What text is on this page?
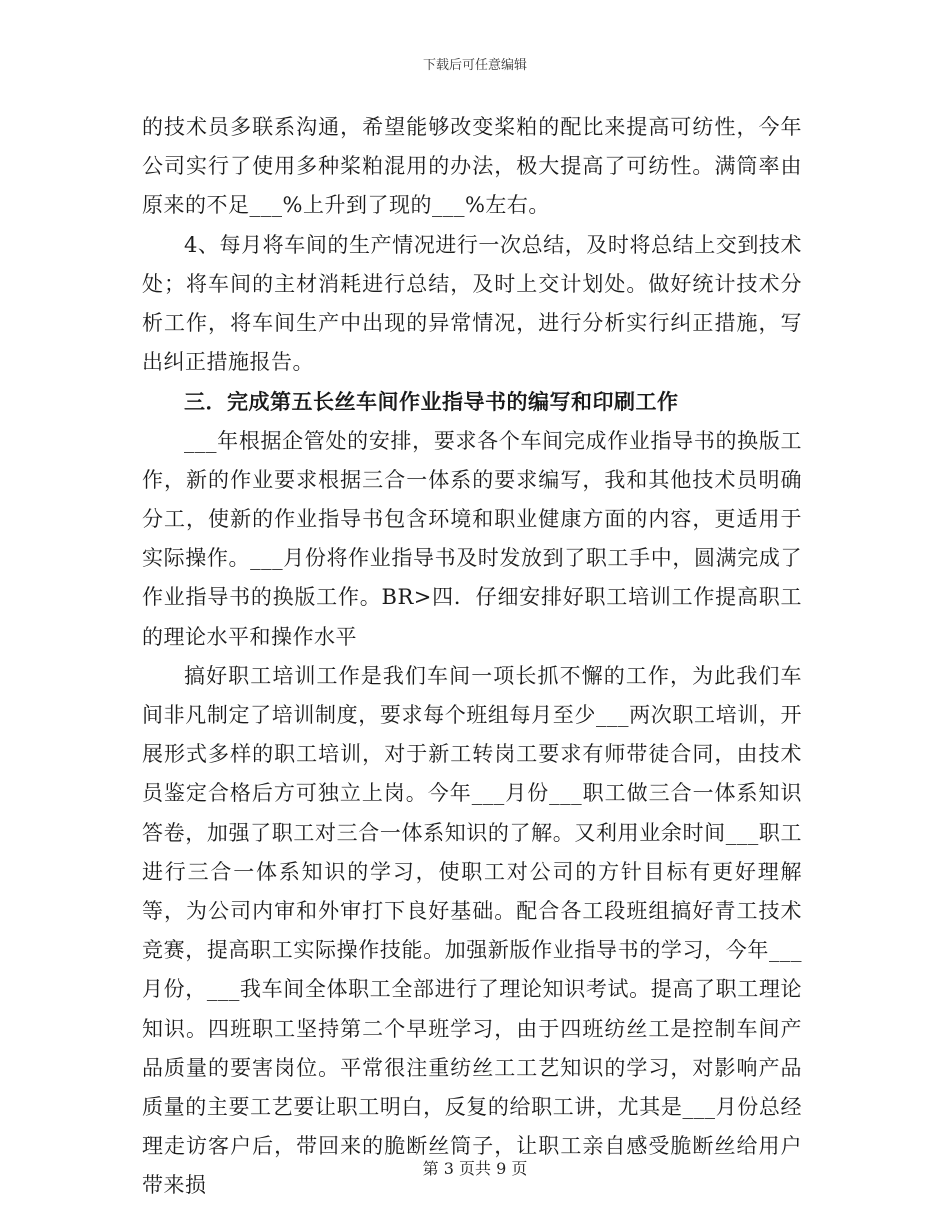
下载后可任意编辑

的技术员多联系沟通，希望能够改变桨粕的配比来提高可纺性，今年公司实行了使用多种桨粕混用的办法，极大提高了可纺性。满筒率由原来的不足___%上升到了现的___%左右。

4、每月将车间的生产情况进行一次总结，及时将总结上交到技术处；将车间的主材消耗进行总结，及时上交计划处。做好统计技术分析工作，将车间生产中出现的异常情况，进行分析实行纠正措施，写出纠正措施报告。

三．完成第五长丝车间作业指导书的编写和印刷工作

___年根据企管处的安排，要求各个车间完成作业指导书的换版工作，新的作业要求根据三合一体系的要求编写，我和其他技术员明确分工，使新的作业指导书包含环境和职业健康方面的内容，更适用于实际操作。___月份将作业指导书及时发放到了职工手中，圆满完成了作业指导书的换版工作。BR>四．仔细安排好职工培训工作提高职工的理论水平和操作水平

搞好职工培训工作是我们车间一项长抓不懈的工作，为此我们车间非凡制定了培训制度，要求每个班组每月至少___两次职工培训，开展形式多样的职工培训，对于新工转岗工要求有师带徒合同，由技术员鉴定合格后方可独立上岗。今年___月份___职工做三合一体系知识答卷，加强了职工对三合一体系知识的了解。又利用业余时间___职工进行三合一体系知识的学习，使职工对公司的方针目标有更好理解等，为公司内审和外审打下良好基础。配合各工段班组搞好青工技术竞赛，提高职工实际操作技能。加强新版作业指导书的学习，今年___月份，___我车间全体职工全部进行了理论知识考试。提高了职工理论知识。四班职工坚持第二个早班学习，由于四班纺丝工是控制车间产品质量的要害岗位。平常很注重纺丝工工艺知识的学习，对影响产品质量的主要工艺要让职工明白，反复的给职工讲，尤其是___月份总经理走访客户后，带回来的脆断丝筒子，让职工亲自感受脆断丝给用户带来损

第 3 页共 9 页
